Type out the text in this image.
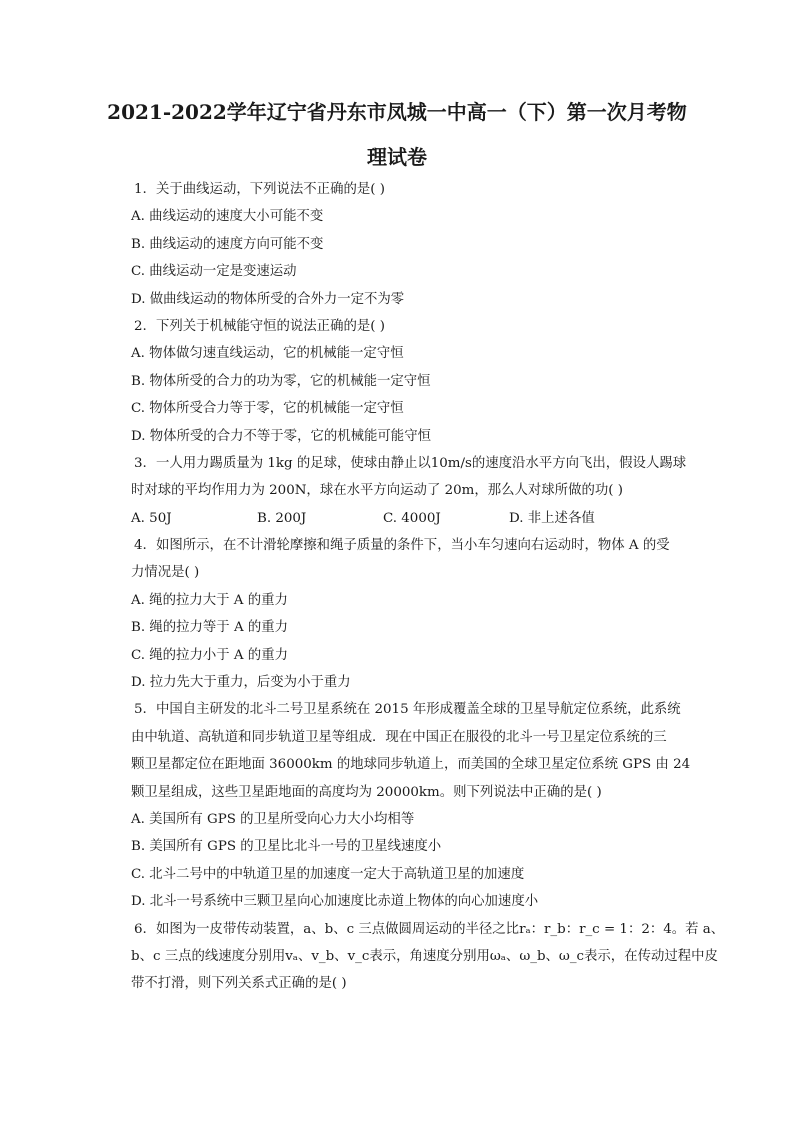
2021-2022学年辽宁省丹东市凤城一中高一（下）第一次月考物
理试卷
1. 关于曲线运动，下列说法不正确的是( )
A. 曲线运动的速度大小可能不变
B. 曲线运动的速度方向可能不变
C. 曲线运动一定是变速运动
D. 做曲线运动的物体所受的合外力一定不为零
2. 下列关于机械能守恒的说法正确的是( )
A. 物体做匀速直线运动，它的机械能一定守恒
B. 物体所受的合力的功为零，它的机械能一定守恒
C. 物体所受合力等于零，它的机械能一定守恒
D. 物体所受的合力不等于零，它的机械能可能守恒
3. 一人用力踢质量为 1kg 的足球，使球由静止以10m/s的速度沿水平方向飞出，假设人踢球
时对球的平均作用力为 200N，球在水平方向运动了 20m，那么人对球所做的功( )
A. 50J	B. 200J	C. 4000J	D. 非上述各值
4. 如图所示，在不计滑轮摩擦和绳子质量的条件下，当小车匀速向右运动时，物体 A 的受
力情况是( )
A. 绳的拉力大于 A 的重力
B. 绳的拉力等于 A 的重力
C. 绳的拉力小于 A 的重力
D. 拉力先大于重力，后变为小于重力
5. 中国自主研发的北斗二号卫星系统在 2015 年形成覆盖全球的卫星导航定位系统，此系统
由中轨道、高轨道和同步轨道卫星等组成．现在中国正在服役的北斗一号卫星定位系统的三
颗卫星都定位在距地面 36000km 的地球同步轨道上，而美国的全球卫星定位系统 GPS 由 24
颗卫星组成，这些卫星距地面的高度均为 20000km。则下列说法中正确的是( )
A. 美国所有 GPS 的卫星所受向心力大小均相等
B. 美国所有 GPS 的卫星比北斗一号的卫星线速度小
C. 北斗二号中的中轨道卫星的加速度一定大于高轨道卫星的加速度
D. 北斗一号系统中三颗卫星向心加速度比赤道上物体的向心加速度小
6. 如图为一皮带传动装置，a、b、c 三点做圆周运动的半径之比rₐ：r_b：r_c = 1：2：4。若 a、
b、c 三点的线速度分别用vₐ、v_b、v_c表示，角速度分别用ωₐ、ω_b、ω_c表示，在传动过程中皮
带不打滑，则下列关系式正确的是( )
